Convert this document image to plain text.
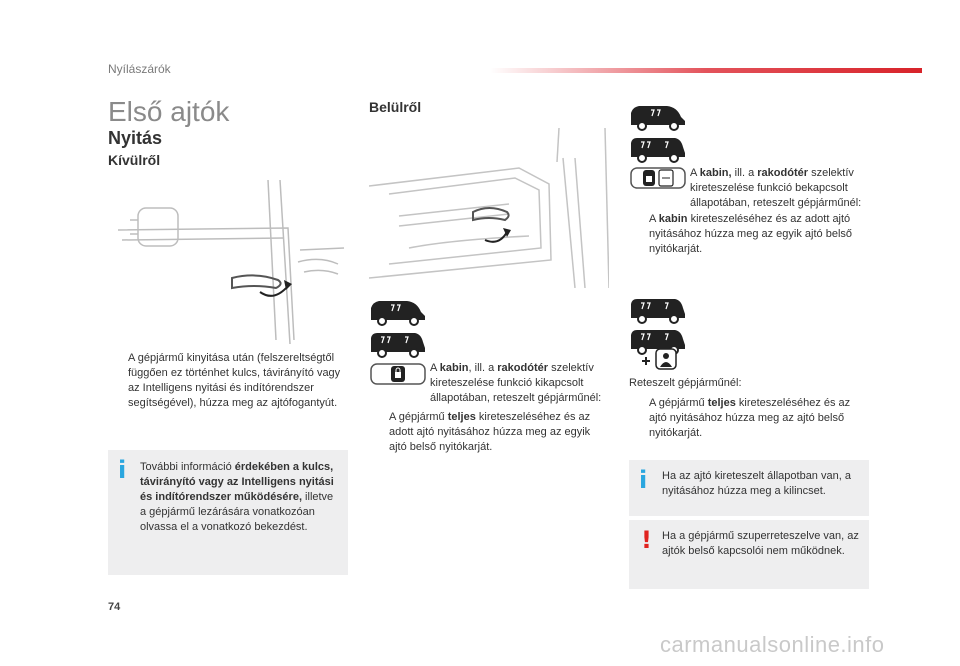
Nyílászárók
Első ajtók
Nyitás
Kívülről
A gépjármű kinyitása után (felszereltségtől függően ez történhet kulcs, távirányító vagy az Intelligens nyitási és indítórendszer segítségével), húzza meg az ajtófogantyút.
i További információ érdekében a kulcs, távirányító vagy az Intelligens nyitási és indítórendszer működésére, illetve a gépjármű lezárására vonatkozóan olvassa el a vonatkozó bekezdést.
Belülről
A kabin, ill. a rakodótér szelektív kireteszelése funkció kikapcsolt állapotában, reteszelt gépjárműnél:
A gépjármű teljes kireteszeléséhez és az adott ajtó nyitásához húzza meg az egyik ajtó belső nyitókarját.
A kabin, ill. a rakodótér szelektív kireteszelése funkció bekapcsolt állapotában, reteszelt gépjárműnél:
A kabin kireteszeléséhez és az adott ajtó nyitásához húzza meg az egyik ajtó belső nyitókarját.
Reteszelt gépjárműnél:
A gépjármű teljes kireteszeléséhez és az ajtó nyitásához húzza meg az ajtó belső nyitókarját.
i Ha az ajtó kireteszelt állapotban van, a nyitásához húzza meg a kilincset.
! Ha a gépjármű szuperreteszelve van, az ajtók belső kapcsolói nem működnek.
74
carmanualsonline.info
